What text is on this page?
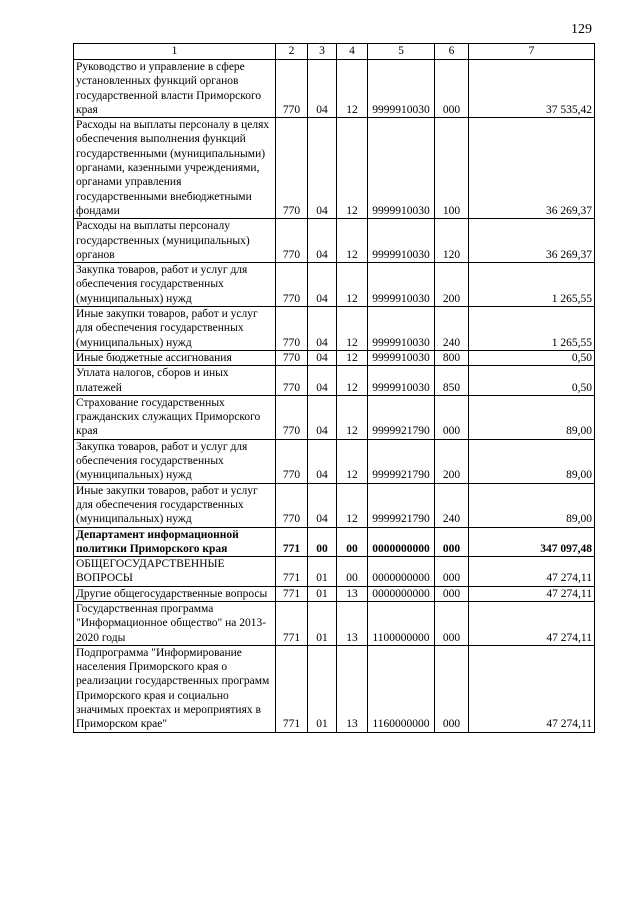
129
1	2	3	4	5	6	7
Руководство и управление в сфере установленных функций органов государственной власти Приморского края	770	04	12	9999910030	000	37 535,42
Расходы на выплаты персоналу в целях обеспечения выполнения функций государственными (муниципальными) органами, казенными учреждениями, органами управления государственными внебюджетными фондами	770	04	12	9999910030	100	36 269,37
Расходы на выплаты персоналу государственных (муниципальных) органов	770	04	12	9999910030	120	36 269,37
Закупка товаров, работ и услуг для обеспечения государственных (муниципальных) нужд	770	04	12	9999910030	200	1 265,55
Иные закупки товаров, работ и услуг для обеспечения государственных (муниципальных) нужд	770	04	12	9999910030	240	1 265,55
Иные бюджетные ассигнования	770	04	12	9999910030	800	0,50
Уплата налогов, сборов и иных платежей	770	04	12	9999910030	850	0,50
Страхование государственных гражданских служащих Приморского края	770	04	12	9999921790	000	89,00
Закупка товаров, работ и услуг для обеспечения государственных (муниципальных) нужд	770	04	12	9999921790	200	89,00
Иные закупки товаров, работ и услуг для обеспечения государственных (муниципальных) нужд	770	04	12	9999921790	240	89,00
Департамент информационной политики Приморского края	771	00	00	0000000000	000	347 097,48
ОБЩЕГОСУДАРСТВЕННЫЕ ВОПРОСЫ	771	01	00	0000000000	000	47 274,11
Другие общегосударственные вопросы	771	01	13	0000000000	000	47 274,11
Государственная программа "Информационное общество" на 2013-2020 годы	771	01	13	1100000000	000	47 274,11
Подпрограмма "Информирование населения Приморского края о реализации государственных программ Приморского края и социально значимых проектах и мероприятиях в Приморском крае"	771	01	13	1160000000	000	47 274,11
